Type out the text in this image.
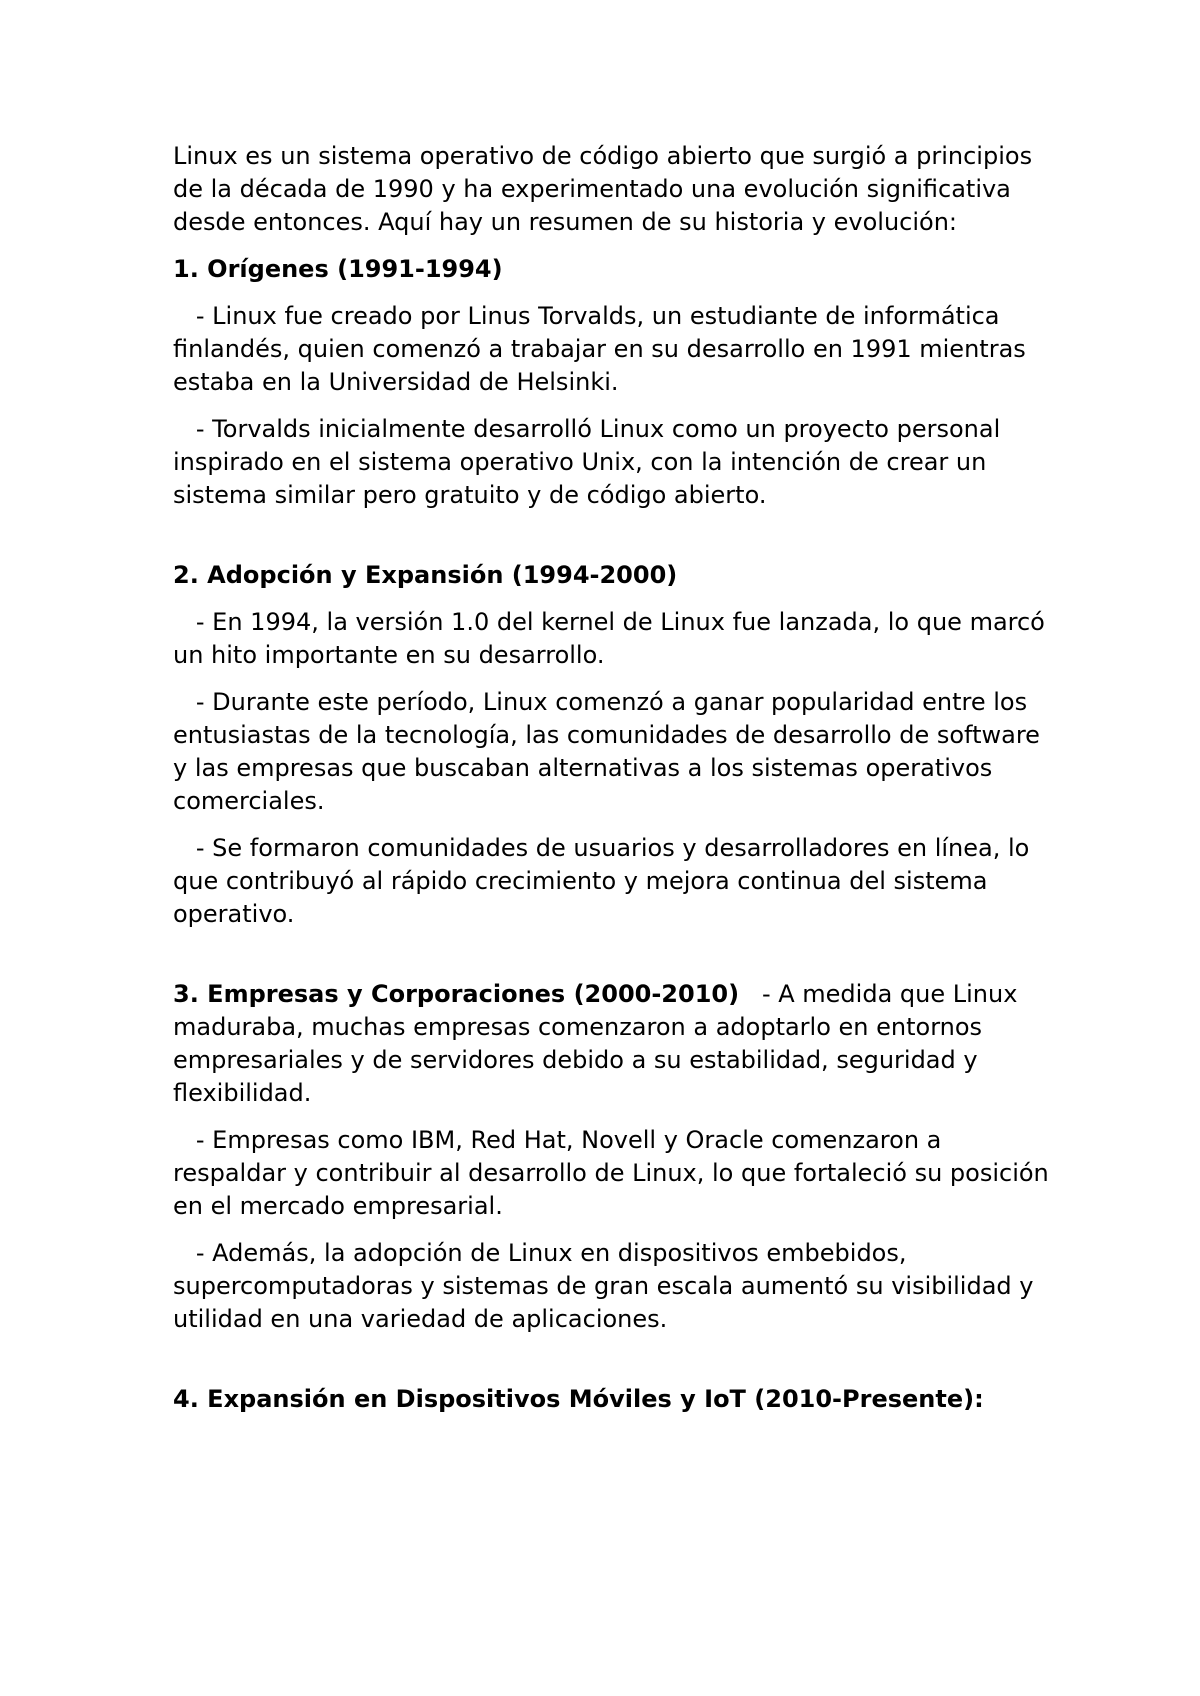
Linux es un sistema operativo de código abierto que surgió a principios de la década de 1990 y ha experimentado una evolución significativa desde entonces. Aquí hay un resumen de su historia y evolución:

1. Orígenes (1991-1994)

- Linux fue creado por Linus Torvalds, un estudiante de informática finlandés, quien comenzó a trabajar en su desarrollo en 1991 mientras estaba en la Universidad de Helsinki.

- Torvalds inicialmente desarrolló Linux como un proyecto personal inspirado en el sistema operativo Unix, con la intención de crear un sistema similar pero gratuito y de código abierto.

2. Adopción y Expansión (1994-2000)

- En 1994, la versión 1.0 del kernel de Linux fue lanzada, lo que marcó un hito importante en su desarrollo.

- Durante este período, Linux comenzó a ganar popularidad entre los entusiastas de la tecnología, las comunidades de desarrollo de software y las empresas que buscaban alternativas a los sistemas operativos comerciales.

- Se formaron comunidades de usuarios y desarrolladores en línea, lo que contribuyó al rápido crecimiento y mejora continua del sistema operativo.

3. Empresas y Corporaciones (2000-2010)   - A medida que Linux maduraba, muchas empresas comenzaron a adoptarlo en entornos empresariales y de servidores debido a su estabilidad, seguridad y flexibilidad.

- Empresas como IBM, Red Hat, Novell y Oracle comenzaron a respaldar y contribuir al desarrollo de Linux, lo que fortaleció su posición en el mercado empresarial.

- Además, la adopción de Linux en dispositivos embebidos, supercomputadoras y sistemas de gran escala aumentó su visibilidad y utilidad en una variedad de aplicaciones.

4. Expansión en Dispositivos Móviles y IoT (2010-Presente):
